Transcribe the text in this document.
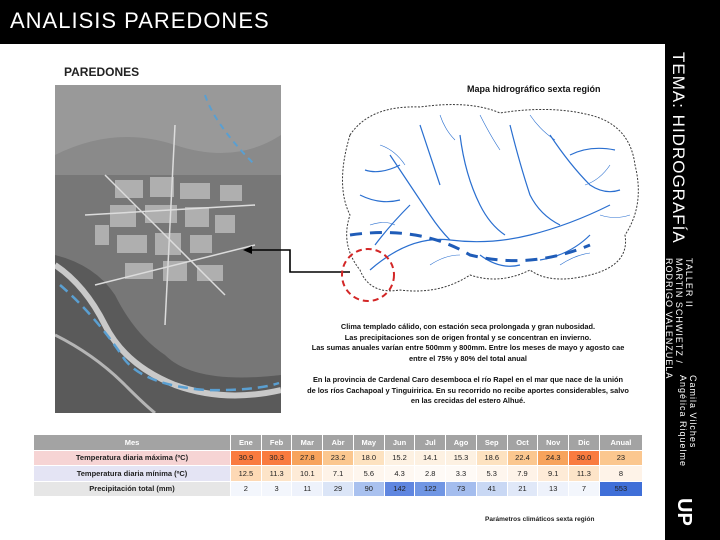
ANALISIS PAREDONES
TEMA: HIDROGRAFÍA
TALLER II
MARTIN SCHWIETZ /
RODRIGO VALENZUELA
Camila Vilches
Angélica Riquelme
UP
PAREDONES
Mapa hidrográfico sexta región
Clima templado cálido, con estación seca prolongada y gran nubosidad.
Las precipitaciones son de origen frontal y se concentran en invierno.
Las sumas anuales varían entre 500mm y 800mm. Entre los meses de mayo y agosto cae
entre el 75% y 80% del total anual
En la provincia de Cardenal Caro desemboca el río Rapel en el mar que nace de la unión
de los ríos Cachapoal y Tinguiririca. En su recorrido no recibe aportes considerables, salvo
en las crecidas del estero Alhué.
Mes	Ene	Feb	Mar	Abr	May	Jun	Jul	Ago	Sep	Oct	Nov	Dic	Anual
Temperatura diaria máxima (ºC)	30.9	30.3	27.8	23.2	18.0	15.2	14.1	15.3	18.6	22.4	24.3	30.0	23
Temperatura diaria mínima (ºC)	12.5	11.3	10.1	7.1	5.6	4.3	2.8	3.3	5.3	7.9	9.1	11.3	8
Precipitación total (mm)	2	3	11	29	90	142	122	73	41	21	13	7	553
Parámetros climáticos sexta región
